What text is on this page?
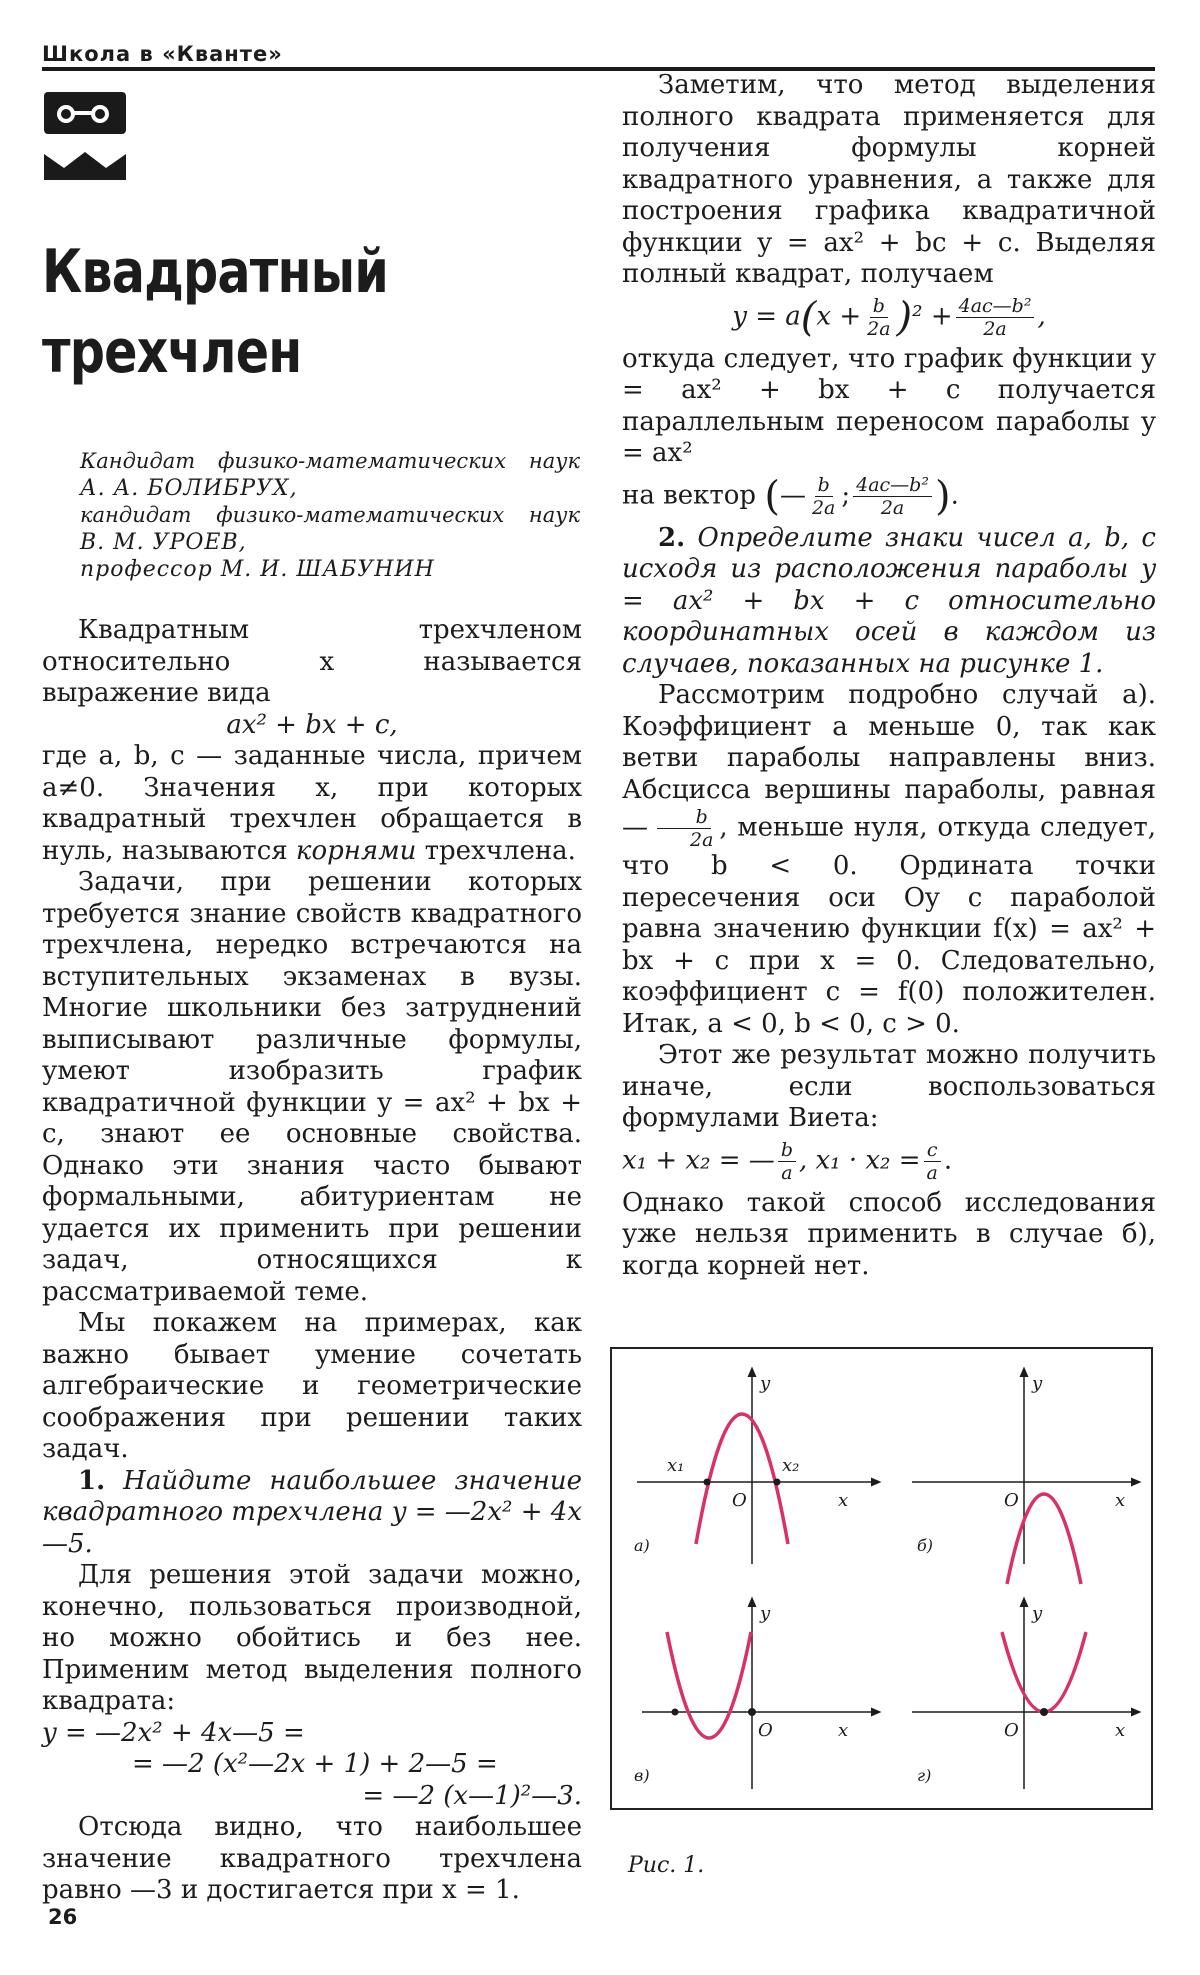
Школа в «Кванте»
Квадратный
трехчлен
Кандидат физико-математических наук
А. А. БОЛИБРУХ,
кандидат физико-математических наук
В. М. УРОЕВ,
профессор М. И. ШАБУНИН

Квадратным трехчленом относительно x называется выражение вида

ax² + bx + c,

где a, b, c — заданные числа, причем a≠0. Значения x, при которых квадратный трехчлен обращается в нуль, называются корнями трехчлена.

Задачи, при решении которых требуется знание свойств квадратного трехчлена, нередко встречаются на вступительных экзаменах в вузы. Многие школьники без затруднений выписывают различные формулы, умеют изобразить график квадратичной функции y = ax² + bx + c, знают ее основные свойства. Однако эти знания часто бывают формальными, абитуриентам не удается их применить при решении задач, относящихся к рассматриваемой теме.

Мы покажем на примерах, как важно бывает умение сочетать алгебраические и геометрические соображения при решении таких задач.

1. Найдите наибольшее значение квадратного трехчлена y = —2x² + 4x—5.

Для решения этой задачи можно, конечно, пользоваться производной, но можно обойтись и без нее. Применим метод выделения полного квадрата:

y = —2x² + 4x—5 =

= —2 (x²—2x + 1) + 2—5 =

= —2 (x—1)²—3.

Отсюда видно, что наибольшее значение квадратного трехчлена равно —3 и достигается при x = 1.

Заметим, что метод выделения полного квадрата применяется для получения формулы корней квадратного уравнения, а также для построения графика квадратичной функции y = ax² + bc + c. Выделяя полный квадрат, получаем

$y = a(x + \frac{b}{2a} )^2 + \frac{\text{4ac—b²}}{2a}$ ,

откуда следует, что график функции y = ax² + bx + c получается параллельным переносом параболы y = ax²

на вектор (— $\frac{b}{2a}$ ; $\frac{\text{4ac—b²}}{2a}$ ).

2. Определите знаки чисел a, b, c исходя из расположения параболы y = ax² + bx + c относительно координатных осей в каждом из случаев, показанных на рисунке 1.

Рассмотрим подробно случай а). Коэффициент a меньше 0, так как ветви параболы направлены вниз. Абсцисса вершины параболы, равная — $\frac{b}{2a}$ , меньше нуля, откуда следует, что b < 0. Ордината точки пересечения оси Oy с параболой равна значению функции f(x) = ax² + bx + c при x = 0. Следовательно, коэффициент c = f(0) положителен. Итак, a < 0, b < 0, c > 0.

Этот же результат можно получить иначе, если воспользоваться формулами Виета:

x₁ + x₂ = — $\frac{b}{a}$ , $x_1 \cdot x_2 = \frac{c}{a}$ .

Однако такой способ исследования уже нельзя применить в случае б), когда корней нет.

x
y
O
x₁	x₂
а)
x
y
O
б)
x
y
O
в)
x
y
O
г)
Рис. 1.
26
